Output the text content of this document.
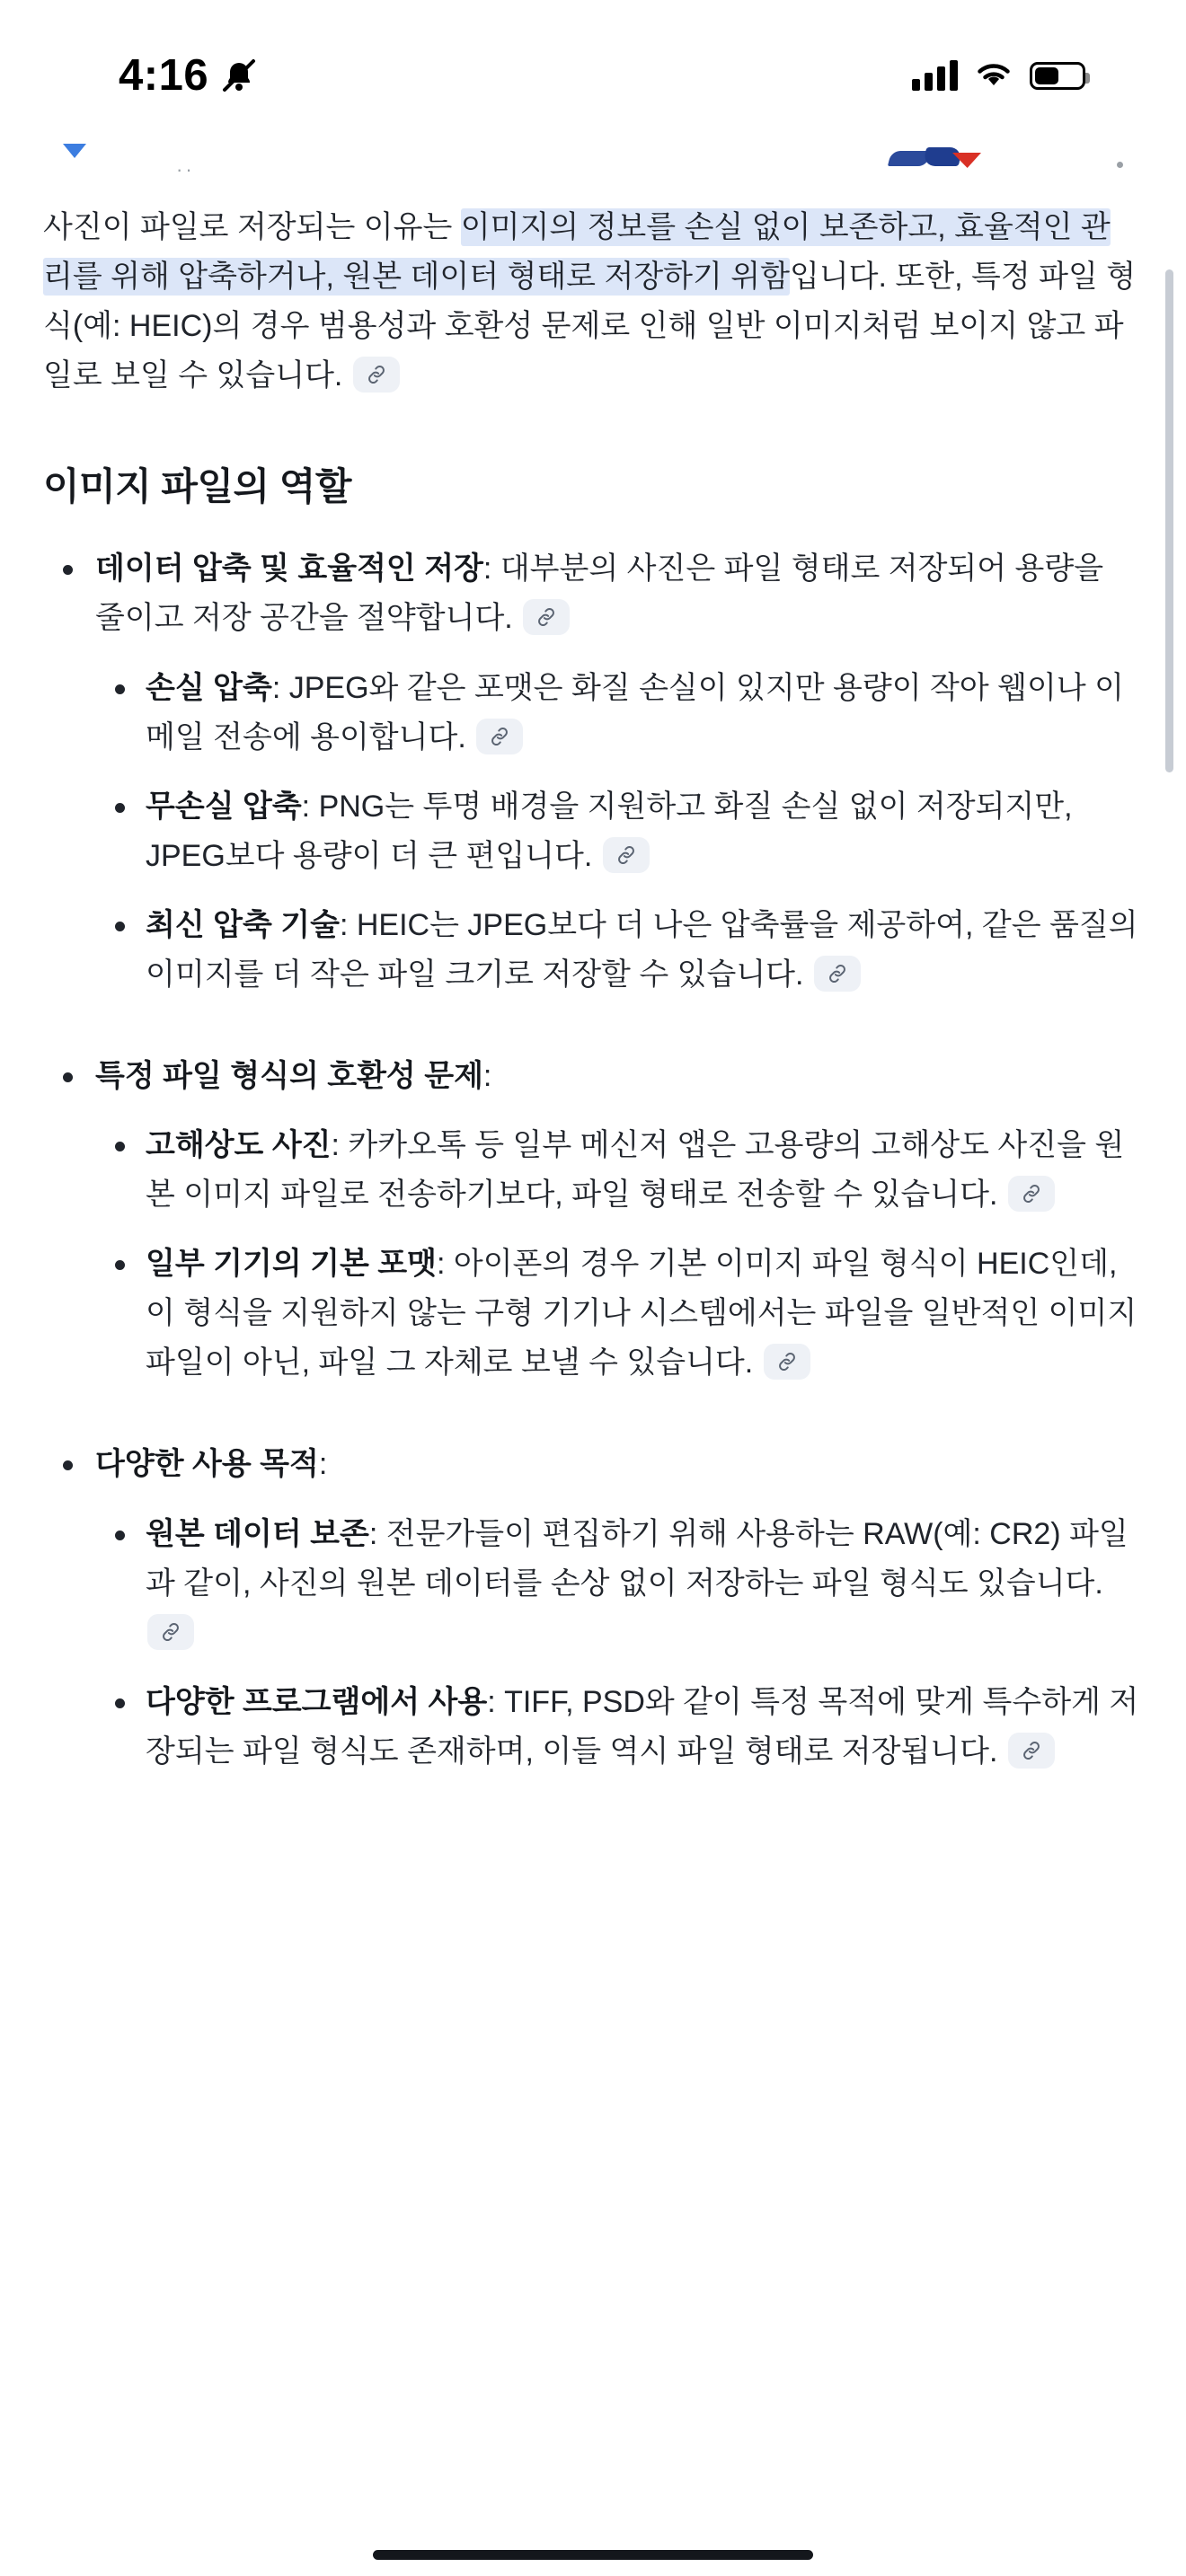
4:16
··

사진이 파일로 저장되는 이유는 이미지의 정보를 손실 없이 보존하고, 효율적인 관리를 위해 압축하거나, 원본 데이터 형태로 저장하기 위함입니다. 또한, 특정 파일 형식(예: HEIC)의 경우 범용성과 호환성 문제로 인해 일반 이미지처럼 보이지 않고 파일로 보일 수 있습니다.

이미지 파일의 역할
데이터 압축 및 효율적인 저장: 대부분의 사진은 파일 형태로 저장되어 용량을 줄이고 저장 공간을 절약합니다.
손실 압축: JPEG와 같은 포맷은 화질 손실이 있지만 용량이 작아 웹이나 이메일 전송에 용이합니다.
무손실 압축: PNG는 투명 배경을 지원하고 화질 손실 없이 저장되지만, JPEG보다 용량이 더 큰 편입니다.
최신 압축 기술: HEIC는 JPEG보다 더 나은 압축률을 제공하여, 같은 품질의 이미지를 더 작은 파일 크기로 저장할 수 있습니다.
특정 파일 형식의 호환성 문제:
고해상도 사진: 카카오톡 등 일부 메신저 앱은 고용량의 고해상도 사진을 원본 이미지 파일로 전송하기보다, 파일 형태로 전송할 수 있습니다.
일부 기기의 기본 포맷: 아이폰의 경우 기본 이미지 파일 형식이 HEIC인데, 이 형식을 지원하지 않는 구형 기기나 시스템에서는 파일을 일반적인 이미지 파일이 아닌, 파일 그 자체로 보낼 수 있습니다.
다양한 사용 목적:
원본 데이터 보존: 전문가들이 편집하기 위해 사용하는 RAW(예: CR2) 파일과 같이, 사진의 원본 데이터를 손상 없이 저장하는 파일 형식도 있습니다.
다양한 프로그램에서 사용: TIFF, PSD와 같이 특정 목적에 맞게 특수하게 저장되는 파일 형식도 존재하며, 이들 역시 파일 형태로 저장됩니다.
